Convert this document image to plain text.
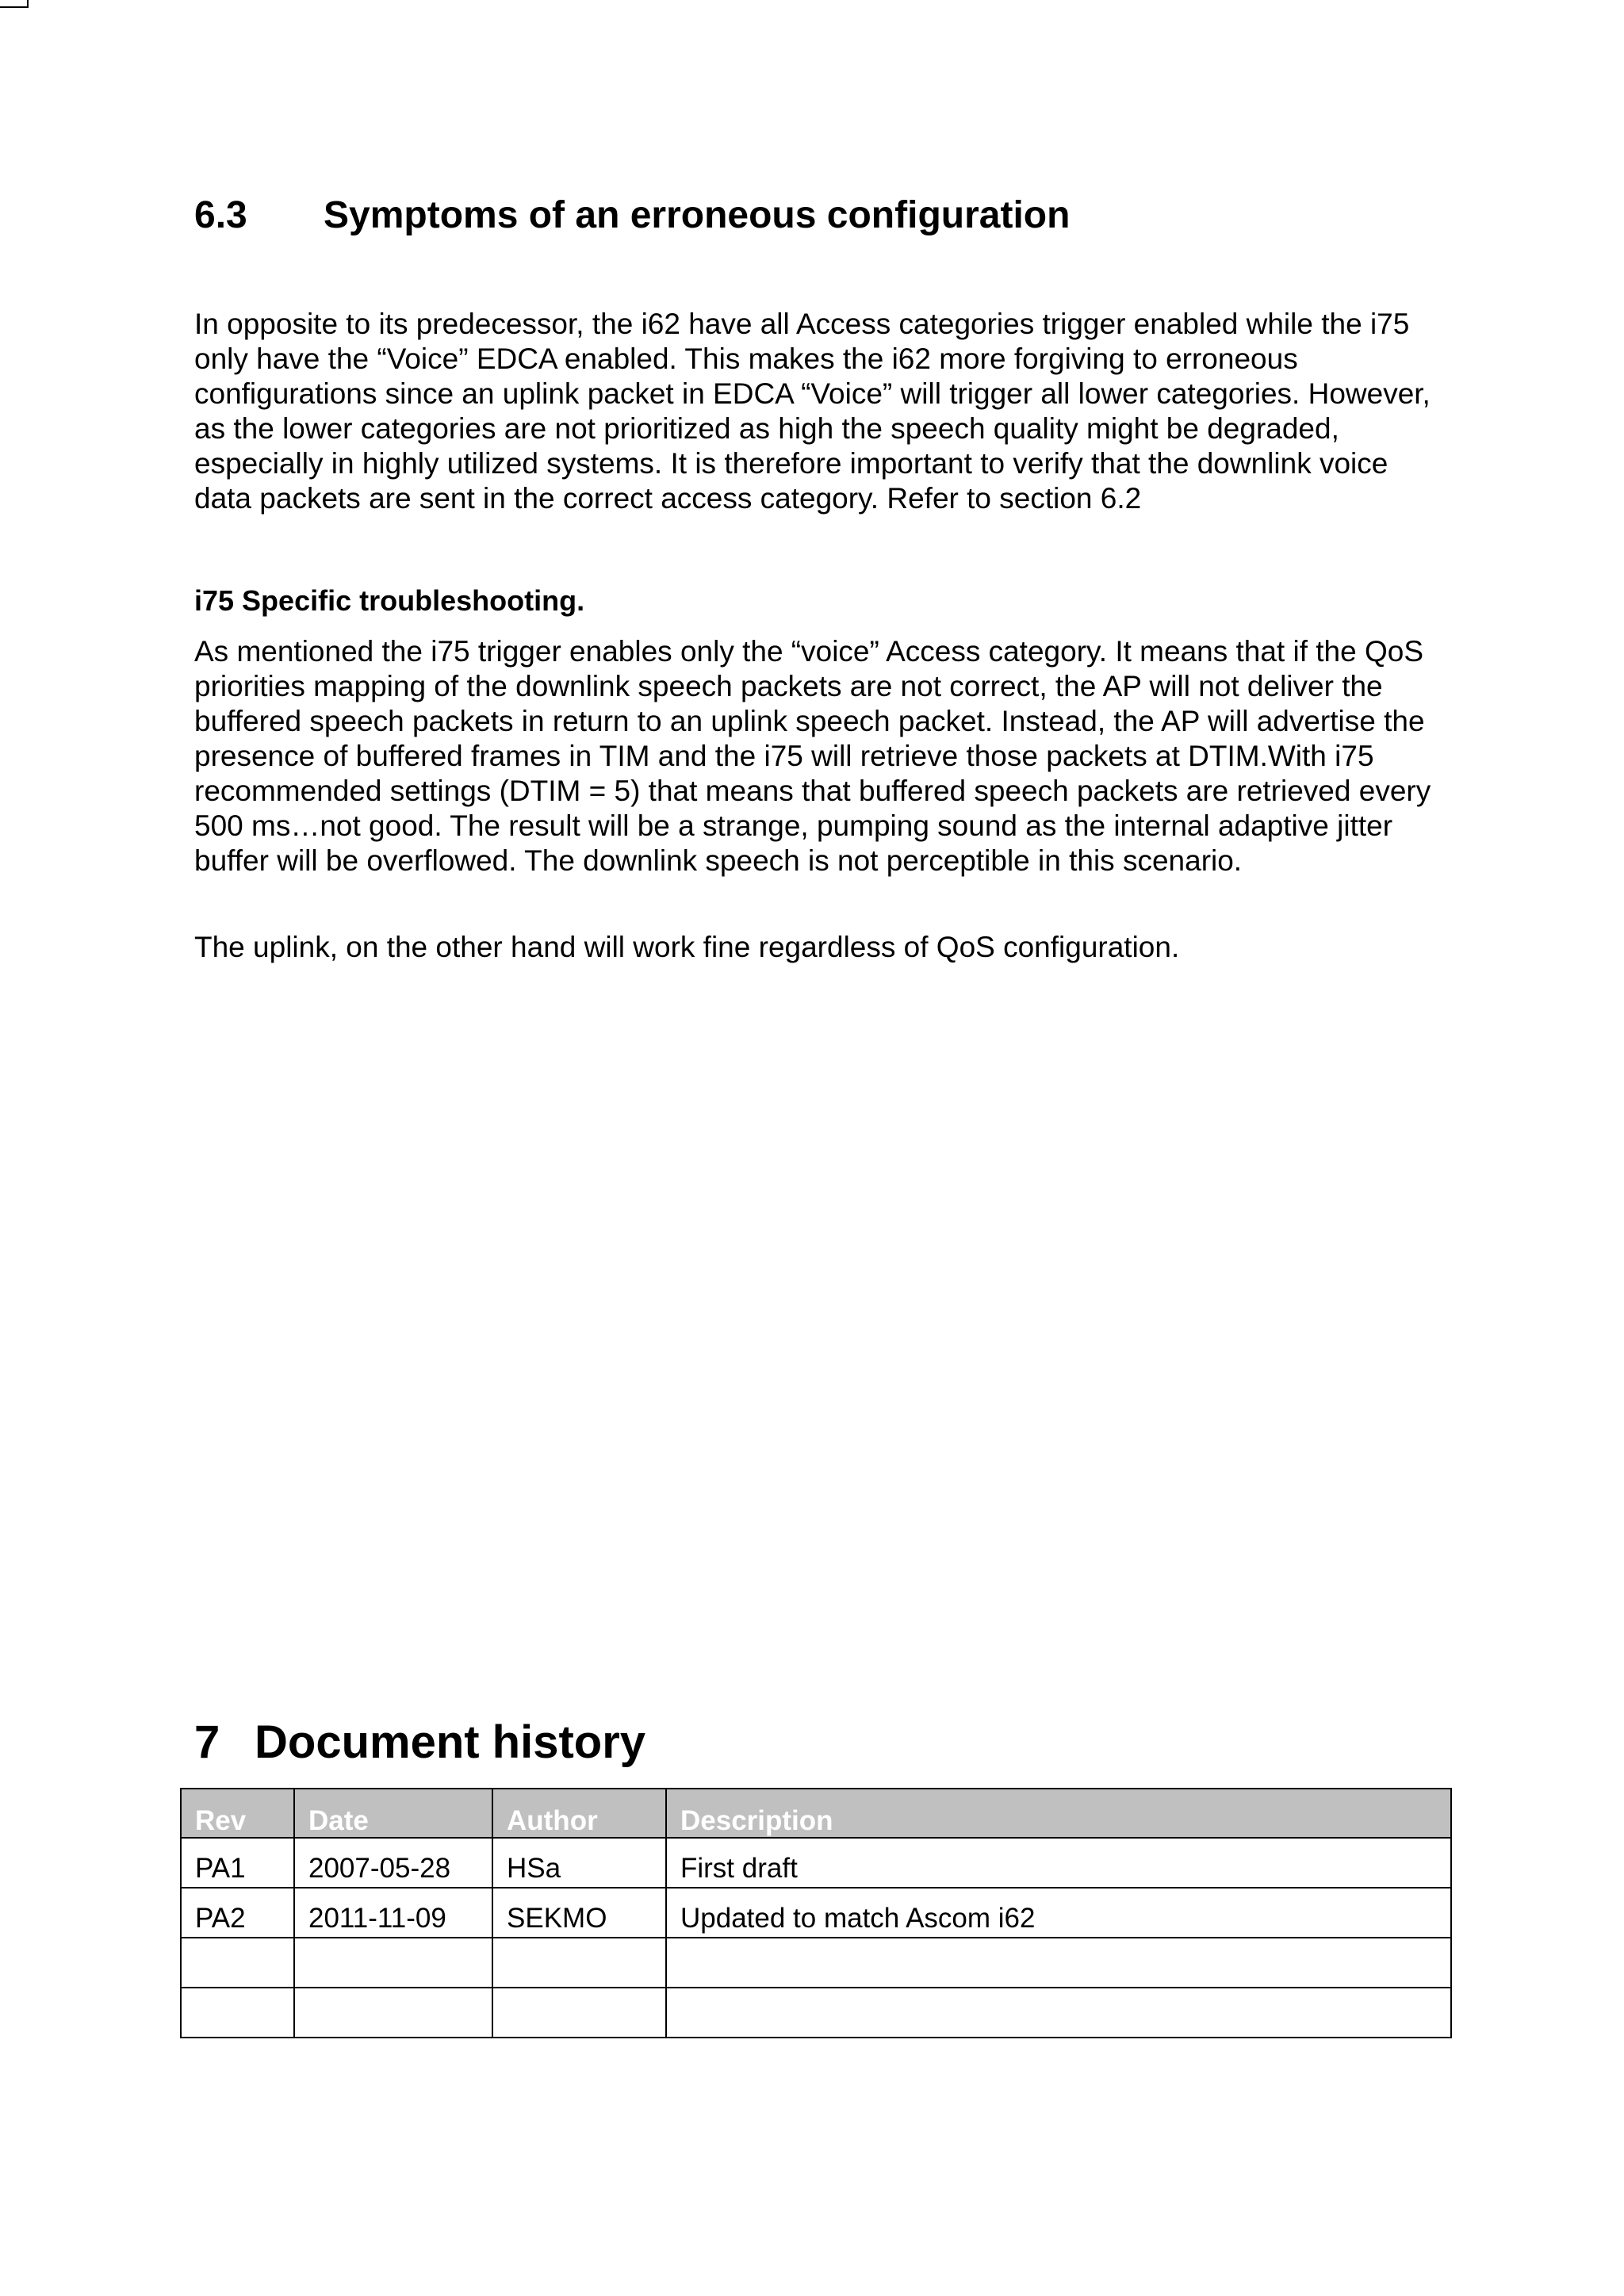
6.3 Symptoms of an erroneous configuration

In opposite to its predecessor, the i62 have all Access categories trigger enabled while the i75 only have the “Voice” EDCA enabled. This makes the i62 more forgiving to erroneous configurations since an uplink packet in EDCA “Voice” will trigger all lower categories. However, as the lower categories are not prioritized as high the speech quality might be degraded, especially in highly utilized systems. It is therefore important to verify that the downlink voice data packets are sent in the correct access category. Refer to section 6.2

i75 Specific troubleshooting.

As mentioned the i75 trigger enables only the “voice” Access category. It means that if the QoS priorities mapping of the downlink speech packets are not correct, the AP will not deliver the buffered speech packets in return to an uplink speech packet. Instead, the AP will advertise the presence of buffered frames in TIM and the i75 will retrieve those packets at DTIM.With i75 recommended settings (DTIM = 5) that means that buffered speech packets are retrieved every 500 ms…not good. The result will be a strange, pumping sound as the internal adaptive jitter buffer will be overflowed. The downlink speech is not perceptible in this scenario.

The uplink, on the other hand will work fine regardless of QoS configuration.

7 Document history
Rev	Date	Author	Description
PA1	2007-05-28	HSa	First draft
PA2	2011-11-09	SEKMO	Updated to match Ascom i62
